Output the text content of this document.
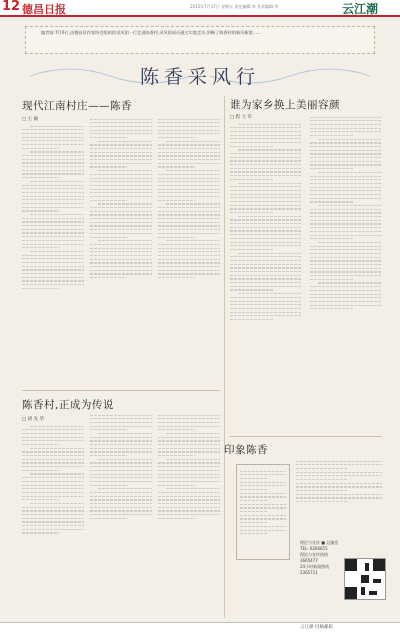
12 德昌日报	2015年7月17日 星期五 责任编辑:李 美术编辑:李	云江潮
编者按:7月6日,由德昌县作家协会组织的采风团一行走进陈香村,采风团成员通过实地走访,领略了陈香村的新风新貌……
陈香采风行
现代江南村庄——陈香
□ 王 颖
陈香村,正成为传说
□ 胡 先 华
谁为家乡换上美丽容颜
□ 程 大 军
印象陈香
理论与宣传 ■ 总编室
TEL: 6266655
理论与宣传热线
3665477
24小时新闻热线
2365711
云江潮 投稿邮箱
